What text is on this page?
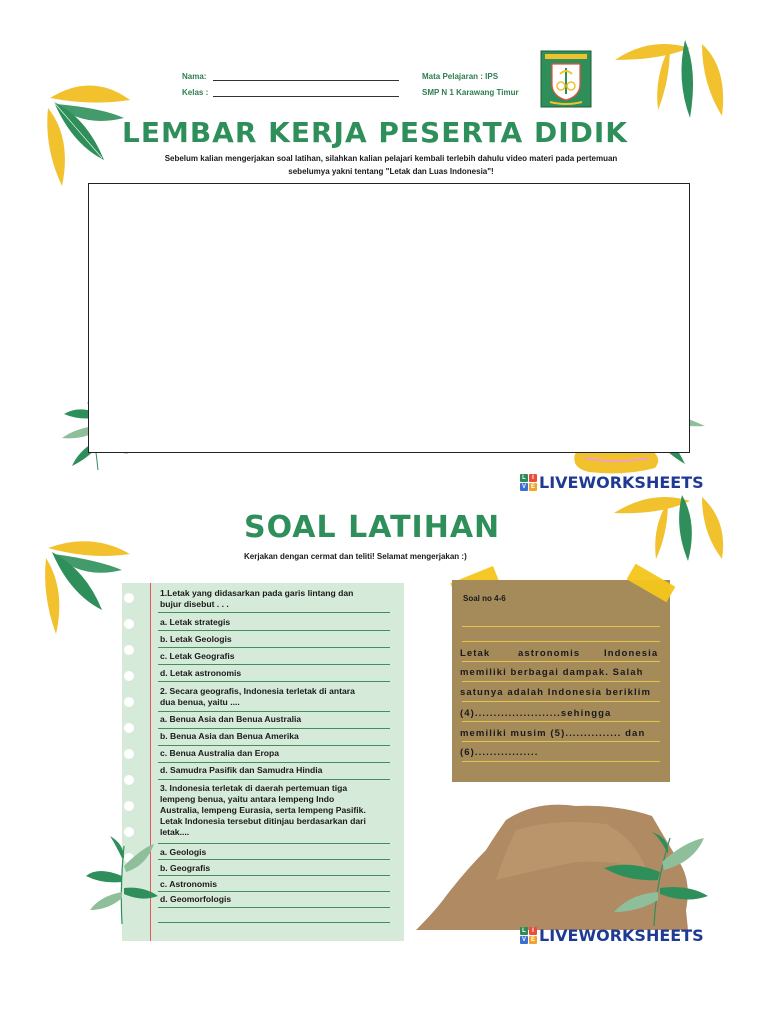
Nama:
Kelas :
Mata Pelajaran : IPS
SMP N 1 Karawang Timur
LEMBAR KERJA PESERTA DIDIK
Sebelum kalian mengerjakan soal latihan, silahkan kalian pelajari kembali terlebih dahulu video materi pada pertemuan
sebelumya yakni tentang "Letak dan Luas Indonesia"!
L	I
V E LIVEWORKSHEETS
SOAL LATIHAN
Kerjakan dengan cermat dan teliti! Selamat mengerjakan :)
1.Letak yang didasarkan pada garis lintang dan
bujur disebut . . .
a. Letak strategis
b. Letak Geologis
c. Letak Geografis
d. Letak astronomis
2. Secara geografis, Indonesia terletak di antara
dua benua, yaitu ....
a. Benua Asia dan Benua Australia
b. Benua Asia dan Benua Amerika
c. Benua Australia dan Eropa
d. Samudra Pasifik dan Samudra Hindia
3. Indonesia terletak di daerah pertemuan tiga
lempeng benua, yaitu antara lempeng Indo
Australia, lempeng Eurasia, serta lempeng Pasifik.
Letak Indonesia tersebut ditinjau berdasarkan dari
letak....
a. Geologis
b. Geografis
c. Astronomis
d. Geomorfologis
Soal no 4-6
Letak	astronomis	Indonesia
memiliki berbagai dampak. Salah
satunya adalah Indonesia beriklim
(4).......................sehingga
memiliki musim (5)............... dan
(6).................
L	I
V E LIVEWORKSHEETS
